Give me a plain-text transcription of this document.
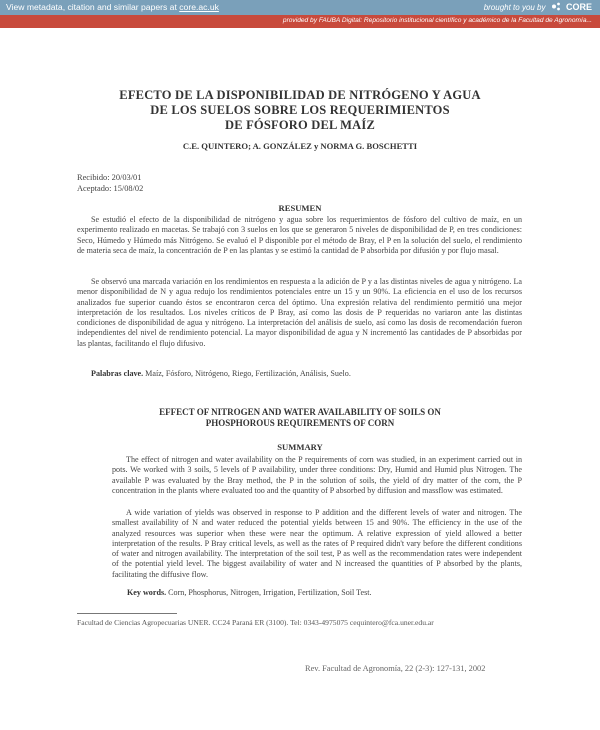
View metadata, citation and similar papers at core.ac.uk	brought to you by CORE
provided by FAUBA Digital: Repositorio institucional científico y académico de la Facultad de Agronomía...
EFECTO DE LA DISPONIBILIDAD DE NITRÓGENO Y AGUA
DE LOS SUELOS SOBRE LOS REQUERIMIENTOS
DE FÓSFORO DEL MAÍZ
C.E. QUINTERO; A. GONZÁLEZ y NORMA G. BOSCHETTI
Recibido: 20/03/01
Aceptado: 15/08/02
RESUMEN

Se estudió el efecto de la disponibilidad de nitrógeno y agua sobre los requerimientos de fósforo del cultivo de maíz, en un experimento realizado en macetas. Se trabajó con 3 suelos en los que se generaron 5 niveles de disponibilidad de P, en tres condiciones: Seco, Húmedo y Húmedo más Nitrógeno. Se evaluó el P disponible por el método de Bray, el P en la solución del suelo, el rendimiento de materia seca de maíz, la concentración de P en las plantas y se estimó la cantidad de P absorbida por difusión y por flujo masal.

Se observó una marcada variación en los rendimientos en respuesta a la adición de P y a las distintas niveles de agua y nitrógeno. La menor disponibilidad de N y agua redujo los rendimientos potenciales entre un 15 y un 90%. La eficiencia en el uso de los recursos analizados fue superior cuando éstos se encontraron cerca del óptimo. Una expresión relativa del rendimiento permitió una mejor interpretación de los resultados. Los niveles críticos de P Bray, así como las dosis de P requeridas no variaron ante las distintas condiciones de disponibilidad de agua y nitrógeno. La interpretación del análisis de suelo, así como las dosis de recomendación fueron independientes del nivel de rendimiento potencial. La mayor disponibilidad de agua y N incrementó las cantidades de P absorbidas por las plantas, facilitando el flujo difusivo.

Palabras clave. Maíz, Fósforo, Nitrógeno, Riego, Fertilización, Análisis, Suelo.
EFFECT OF NITROGEN AND WATER AVAILABILITY OF SOILS ON
PHOSPHOROUS REQUIREMENTS OF CORN
SUMMARY

The effect of nitrogen and water availability on the P requirements of corn was studied, in an experiment carried out in pots. We worked with 3 soils, 5 levels of P availability, under three conditions: Dry, Humid and Humid plus Nitrogen. The available P was evaluated by the Bray method, the P in the solution of soils, the yield of dry matter of the corn, the P concentration in the plants where evaluated too and the quantity of P absorbed by diffusion and massflow was estimated.

A wide variation of yields was observed in response to P addition and the different levels of water and nitrogen. The smallest availability of N and water reduced the potential yields between 15 and 90%. The efficiency in the use of the analyzed resources was superior when these were near the optimum. A relative expression of yield allowed a better interpretation of the results. P Bray critical levels, as well as the rates of P required didn't vary before the different conditions of water and nitrogen availability. The interpretation of the soil test, P as well as the recommendation rates were independent of the potential yield level. The biggest availability of water and N increased the quantities of P absorbed by the plants, facilitating the diffusive flow.

Key words. Corn, Phosphorus, Nitrogen, Irrigation, Fertilization, Soil Test.
Facultad de Ciencias Agropecuarias UNER. CC24 Paraná ER (3100). Tel: 0343-4975075 cequintero@fca.uner.edu.ar
Rev. Facultad de Agronomía, 22 (2-3): 127-131, 2002
